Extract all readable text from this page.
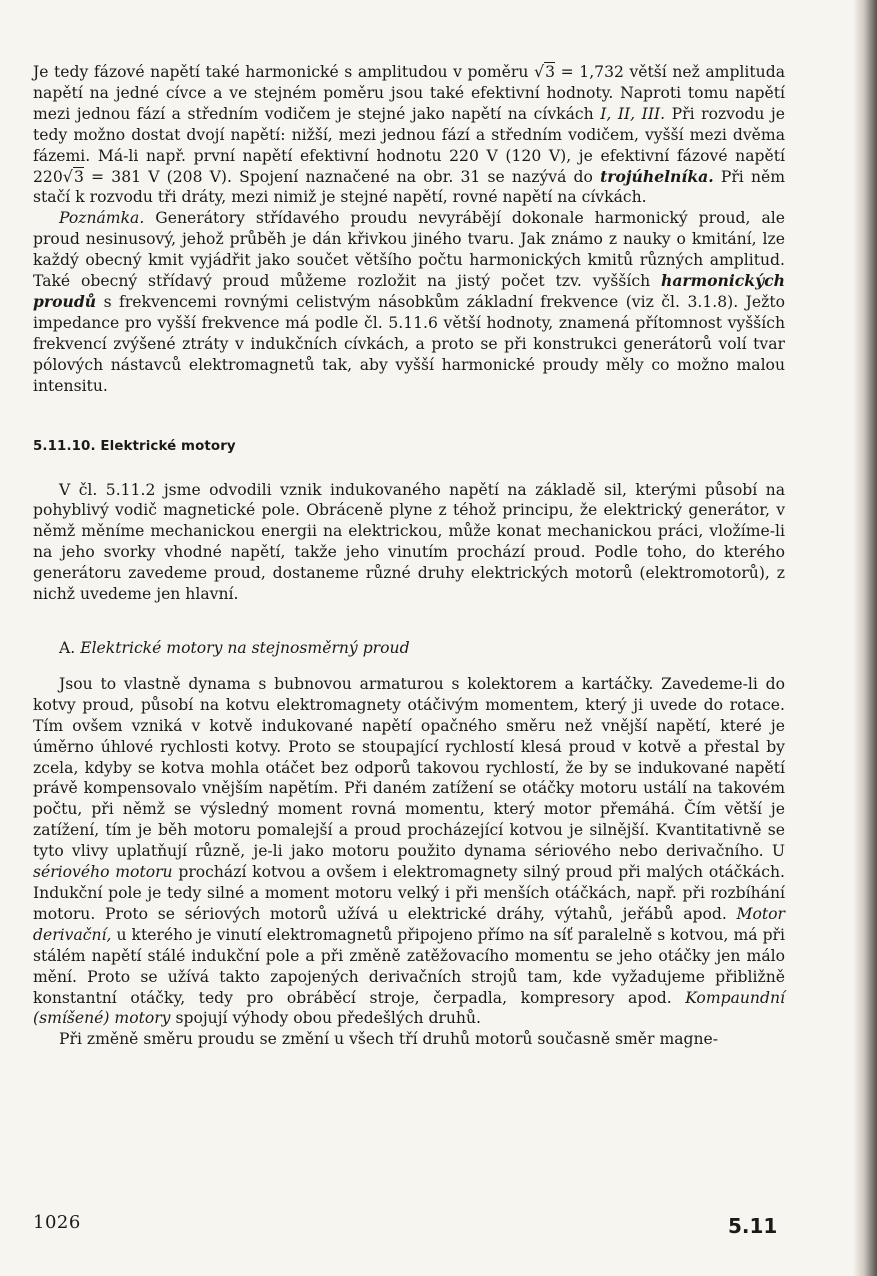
Je tedy fázové napětí také harmonické s amplitudou v poměru √3 = 1,732 větší než amplituda napětí na jedné cívce a ve stejném poměru jsou také efektivní hodnoty. Naproti tomu napětí mezi jednou fází a středním vodičem je stejné jako napětí na cívkách I, II, III. Při rozvodu je tedy možno dostat dvojí napětí: nižší, mezi jednou fází a středním vodičem, vyšší mezi dvěma fázemi. Má-li např. první napětí efektivní hodnotu 220 V (120 V), je efektivní fázové napětí 220√3 = 381 V (208 V). Spojení naznačené na obr. 31 se nazývá do trojúhelníka. Při něm stačí k rozvodu tři dráty, mezi nimiž je stejné napětí, rovné napětí na cívkách.

Poznámka. Generátory střídavého proudu nevyrábějí dokonale harmonický proud, ale proud nesinusový, jehož průběh je dán křivkou jiného tvaru. Jak známo z nauky o kmitání, lze každý obecný kmit vyjádřit jako součet většího počtu harmonických kmitů různých amplitud. Také obecný střídavý proud můžeme rozložit na jistý počet tzv. vyšších harmonických proudů s frekvencemi rovnými celistvým násobkům základní frekvence (viz čl. 3.1.8). Ježto impedance pro vyšší frekvence má podle čl. 5.11.6 větší hodnoty, znamená přítomnost vyšších frekvencí zvýšené ztráty v indukčních cívkách, a proto se při konstrukci generátorů volí tvar pólových nástavců elektromagnetů tak, aby vyšší harmonické proudy měly co možno malou intensitu.

5.11.10. Elektrické motory

V čl. 5.11.2 jsme odvodili vznik indukovaného napětí na základě sil, kterými působí na pohyblivý vodič magnetické pole. Obráceně plyne z téhož principu, že elektrický generátor, v němž měníme mechanickou energii na elektrickou, může konat mechanickou práci, vložíme-li na jeho svorky vhodné napětí, takže jeho vinutím prochází proud. Podle toho, do kterého generátoru zavedeme proud, dostaneme různé druhy elektrických motorů (elektromotorů), z nichž uvedeme jen hlavní.

A. Elektrické motory na stejnosměrný proud

Jsou to vlastně dynama s bubnovou armaturou s kolektorem a kartáčky. Zavedeme-li do kotvy proud, působí na kotvu elektromagnety otáčivým momentem, který ji uvede do rotace. Tím ovšem vzniká v kotvě indukované napětí opačného směru než vnější napětí, které je úměrno úhlové rychlosti kotvy. Proto se stoupající rychlostí klesá proud v kotvě a přestal by zcela, kdyby se kotva mohla otáčet bez odporů takovou rychlostí, že by se indukované napětí právě kompensovalo vnějším napětím. Při daném zatížení se otáčky motoru ustálí na takovém počtu, při němž se výsledný moment rovná momentu, který motor přemáhá. Čím větší je zatížení, tím je běh motoru pomalejší a proud procházející kotvou je silnější. Kvantitativně se tyto vlivy uplatňují různě, je-li jako motoru použito dynama sériového nebo derivačního. U sériového motoru prochází kotvou a ovšem i elektromagnety silný proud při malých otáčkách. Indukční pole je tedy silné a moment motoru velký i při menších otáčkách, např. při rozbíhání motoru. Proto se sériových motorů užívá u elektrické dráhy, výtahů, jeřábů apod. Motor derivační, u kterého je vinutí elektromagnetů připojeno přímo na síť paralelně s kotvou, má při stálém napětí stálé indukční pole a při změně zatěžovacího momentu se jeho otáčky jen málo mění. Proto se užívá takto zapojených derivačních strojů tam, kde vyžadujeme přibližně konstantní otáčky, tedy pro obráběcí stroje, čerpadla, kompresory apod. Kompaundní (smíšené) motory spojují výhody obou předešlých druhů.

Při změně směru proudu se změní u všech tří druhů motorů současně směr magne-

1026	5.11
